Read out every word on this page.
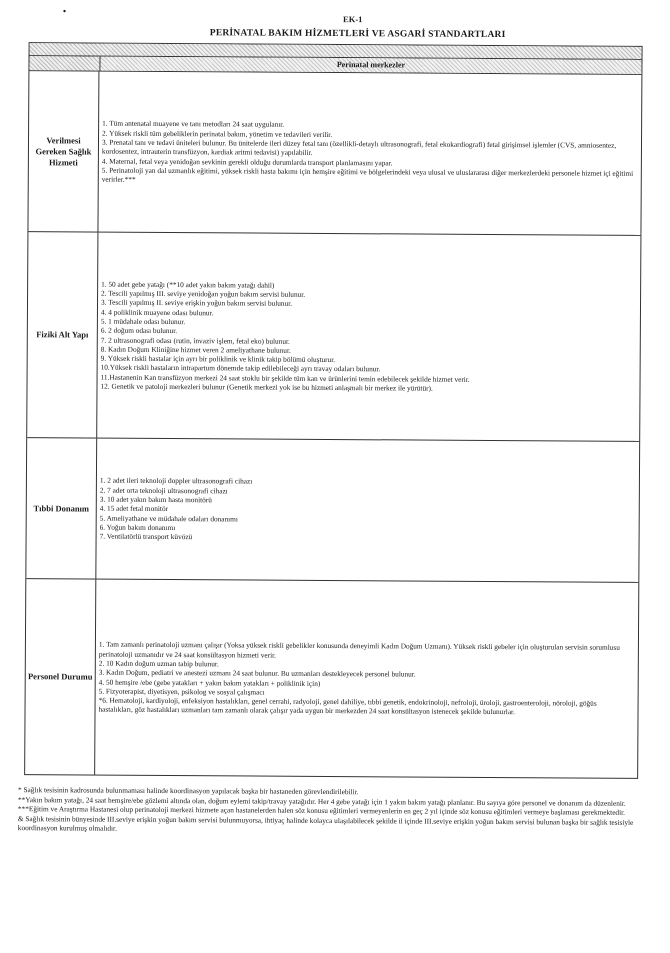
•
EK-1
PERİNATAL BAKIM HİZMETLERİ VE ASGARİ STANDARTLARI
Perinatal merkezler
Verilmesi Gereken Sağlık Hizmeti
1. Tüm antenatal muayene ve tanı metodları 24 saat uygulanır.
2. Yüksek riskli tüm gebeliklerin perinatal bakım, yönetim ve tedavileri verilir.
3. Prenatal tanı ve tedavi üniteleri bulunur. Bu ünitelerde ileri düzey fetal tanı (özellikli-detaylı ultrasonografi, fetal ekokardiografi) fetal girişimsel işlemler (CVS, amniosentez, kordosentez, intrauterin transfüzyon, kardiak aritmi tedavisi) yapılabilir.
4. Maternal, fetal veya yenidoğan sevkinin gerekli olduğu durumlarda transport planlamasını yapar.
5. Perinatoloji yan dal uzmanlık eğitimi, yüksek riskli hasta bakımı için hemşire eğitimi ve bölgelerindeki veya ulusal ve uluslararası diğer merkezlerdeki personele hizmet içi eğitimi verirler.***
Fiziki Alt Yapı
1. 50 adet gebe yatağı (**10 adet yakın bakım yatağı dahil)
2. Tescili yapılmış III. seviye yenidoğan yoğun bakım servisi bulunur.
3. Tescili yapılmış II. seviye erişkin yoğun bakım servisi bulunur.
4. 4 poliklinik muayene odası bulunur.
5. 1 müdahale odası bulunur.
6. 2 doğum odası bulunur.
7. 2 ultrasonografi odası (rutin, invaziv işlem, fetal eko) bulunur.
8. Kadın Doğum Kliniğine hizmet veren 2 ameliyathane bulunur.
9. Yüksek riskli hastalar için ayrı bir poliklinik ve klinik takip bölümü oluşturur.
10.Yüksek riskli hastaların intrapartum dönemde takip edilebileceği ayrı travay odaları bulunur.
11.Hastanenin Kan transfüzyon merkezi 24 saat stoklu bir şekilde tüm kan ve ürünlerini temin edebilecek şekilde hizmet verir.
12. Genetik ve patoloji merkezleri bulunur (Genetik merkezi yok ise bu hizmeti anlaşmalı bir merkez ile yürütür).
Tıbbi Donanım
1. 2 adet ileri teknoloji doppler ultrasonografi cihazı
2. 7 adet orta teknoloji ultrasonografi cihazı
3. 10 adet yakın bakım hasta monitörü
4. 15 adet fetal monitör
5. Ameliyathane ve müdahale odaları donanımı
6. Yoğun bakım donanımı
7. Ventilatörlü transport küvözü
Personel Durumu
1. Tam zamanlı perinatoloji uzmanı çalışır (Yoksa yüksek riskli gebelikler konusunda deneyimli Kadın Doğum Uzmanı). Yüksek riskli gebeler için oluşturulan servisin sorumlusu perinatoloji uzmanıdır ve 24 saat konsültasyon hizmeti verir.
2. 10 Kadın doğum uzman tabip bulunur.
3. Kadın Doğum, pediatri ve anestezi uzmanı 24 saat bulunur. Bu uzmanları destekleyecek personel bulunur.
4. 50 hemşire /ebe (gebe yatakları + yakın bakım yatakları + poliklinik için)
5. Fizyoterapist, diyetisyen, psikolog ve sosyal çalışmacı
*6. Hematoloji, kardiyoloji, enfeksiyon hastalıkları, genel cerrahi, radyoloji, genel dahiliye, tıbbi genetik, endokrinoloji, nefroloji, üroloji, gastroenteroloji, nöroloji, göğüs hastalıkları, göz hastalıkları uzmanları tam zamanlı olarak çalışır yada uygun bir merkezden 24 saat konsültasyon istenecek şekilde bulunurlar.

* Sağlık tesisinin kadrosunda bulunmaması halinde koordinasyon yapılacak başka bir hastaneden görevlendirilebilir.

**Yakın bakım yatağı, 24 saat hemşire/ebe gözlemi altında olan, doğum eylemi takip/travay yatağıdır. Her 4 gebe yatağı için 1 yakın bakım yatağı planlanır. Bu sayıya göre personel ve donanım da düzenlenir.

***Eğitim ve Araştırma Hastanesi olup perinatoloji merkezi hizmete açan hastanelerden halen söz konusu eğitimleri vermeyenlerin en geç 2 yıl içinde söz konusu eğitimleri vermeye başlaması gerekmektedir.

& Sağlık tesisinin bünyesinde III.seviye erişkin yoğun bakım servisi bulunmuyorsa, ihtiyaç halinde kolayca ulaşılabilecek şekilde il içinde III.seviye erişkin yoğun bakım servisi bulunan başka bir sağlık tesisiyle koordinasyon kurulmuş olmalıdır.
